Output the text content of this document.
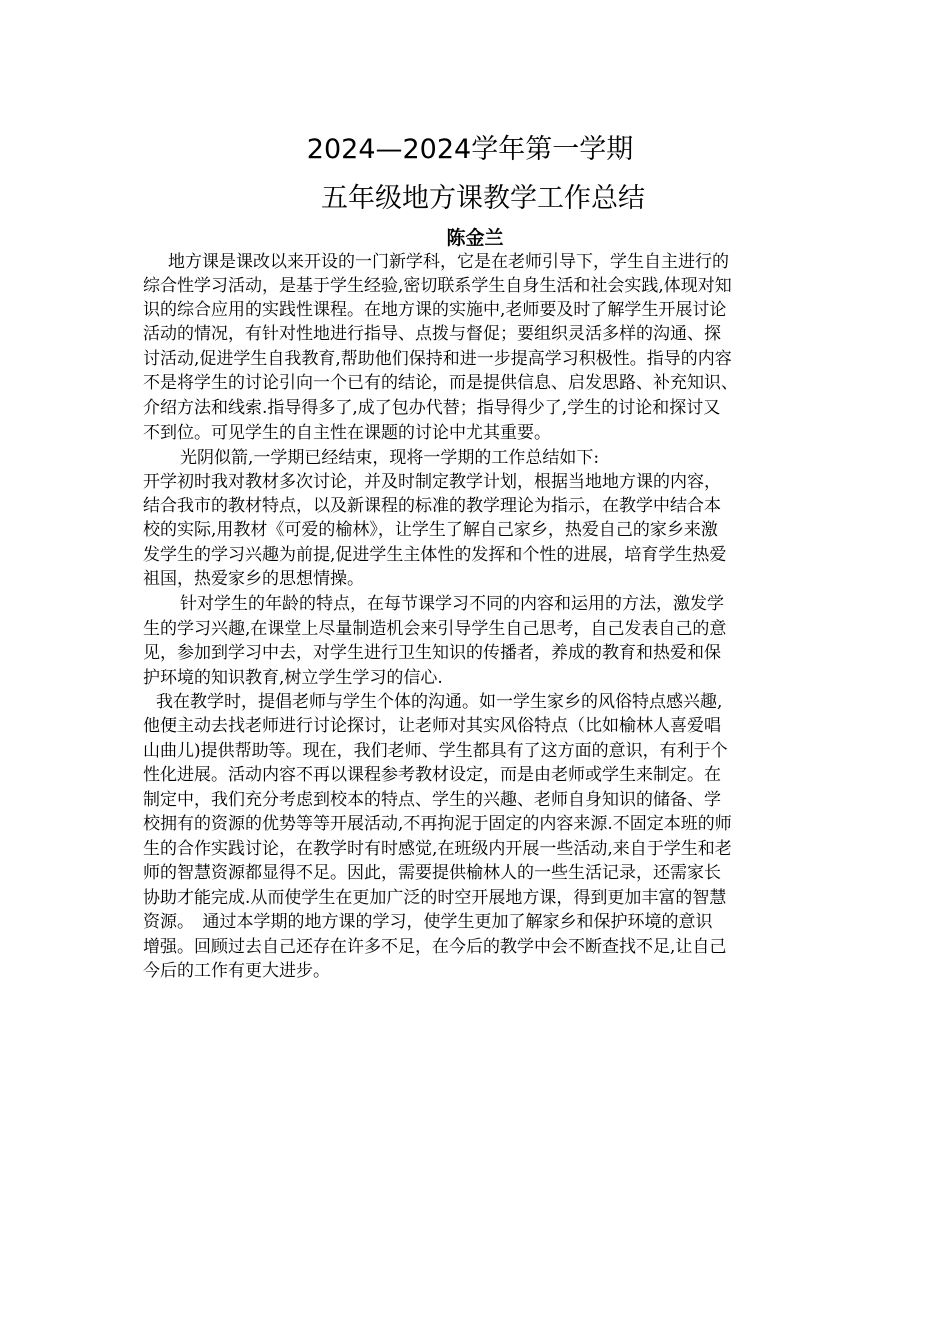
2024—2024学年第一学期
五年级地方课教学工作总结
陈金兰
地方课是课改以来开设的一门新学科，它是在老师引导下，学生自主进行的
综合性学习活动，是基于学生经验,密切联系学生自身生活和社会实践,体现对知
识的综合应用的实践性课程。在地方课的实施中,老师要及时了解学生开展讨论
活动的情况，有针对性地进行指导、点拨与督促；要组织灵活多样的沟通、探
讨活动,促进学生自我教育,帮助他们保持和进一步提高学习积极性。指导的内容
不是将学生的讨论引向一个已有的结论，而是提供信息、启发思路、补充知识、
介绍方法和线索.指导得多了,成了包办代替；指导得少了,学生的讨论和探讨又
不到位。可见学生的自主性在课题的讨论中尤其重要。
光阴似箭,一学期已经结束，现将一学期的工作总结如下:
开学初时我对教材多次讨论，并及时制定教学计划，根据当地地方课的内容，
结合我市的教材特点，以及新课程的标准的教学理论为指示，在教学中结合本
校的实际,用教材《可爱的榆林》，让学生了解自己家乡，热爱自己的家乡来激
发学生的学习兴趣为前提,促进学生主体性的发挥和个性的进展，培育学生热爱
祖国，热爱家乡的思想情操。
针对学生的年龄的特点，在每节课学习不同的内容和运用的方法，激发学
生的学习兴趣,在课堂上尽量制造机会来引导学生自己思考，自己发表自己的意
见，参加到学习中去，对学生进行卫生知识的传播者，养成的教育和热爱和保
护环境的知识教育,树立学生学习的信心.
我在教学时，提倡老师与学生个体的沟通。如一学生家乡的风俗特点感兴趣,
他便主动去找老师进行讨论探讨，让老师对其实风俗特点（比如榆林人喜爱唱
山曲儿)提供帮助等。现在，我们老师、学生都具有了这方面的意识，有利于个
性化进展。活动内容不再以课程参考教材设定，而是由老师或学生来制定。在
制定中，我们充分考虑到校本的特点、学生的兴趣、老师自身知识的储备、学
校拥有的资源的优势等等开展活动,不再拘泥于固定的内容来源.不固定本班的师
生的合作实践讨论，在教学时有时感觉,在班级内开展一些活动,来自于学生和老
师的智慧资源都显得不足。因此，需要提供榆林人的一些生活记录，还需家长
协助才能完成.从而使学生在更加广泛的时空开展地方课，得到更加丰富的智慧
资源。　通过本学期的地方课的学习，使学生更加了解家乡和保护环境的意识
增强。回顾过去自己还存在许多不足，在今后的教学中会不断查找不足,让自己
今后的工作有更大进步。
